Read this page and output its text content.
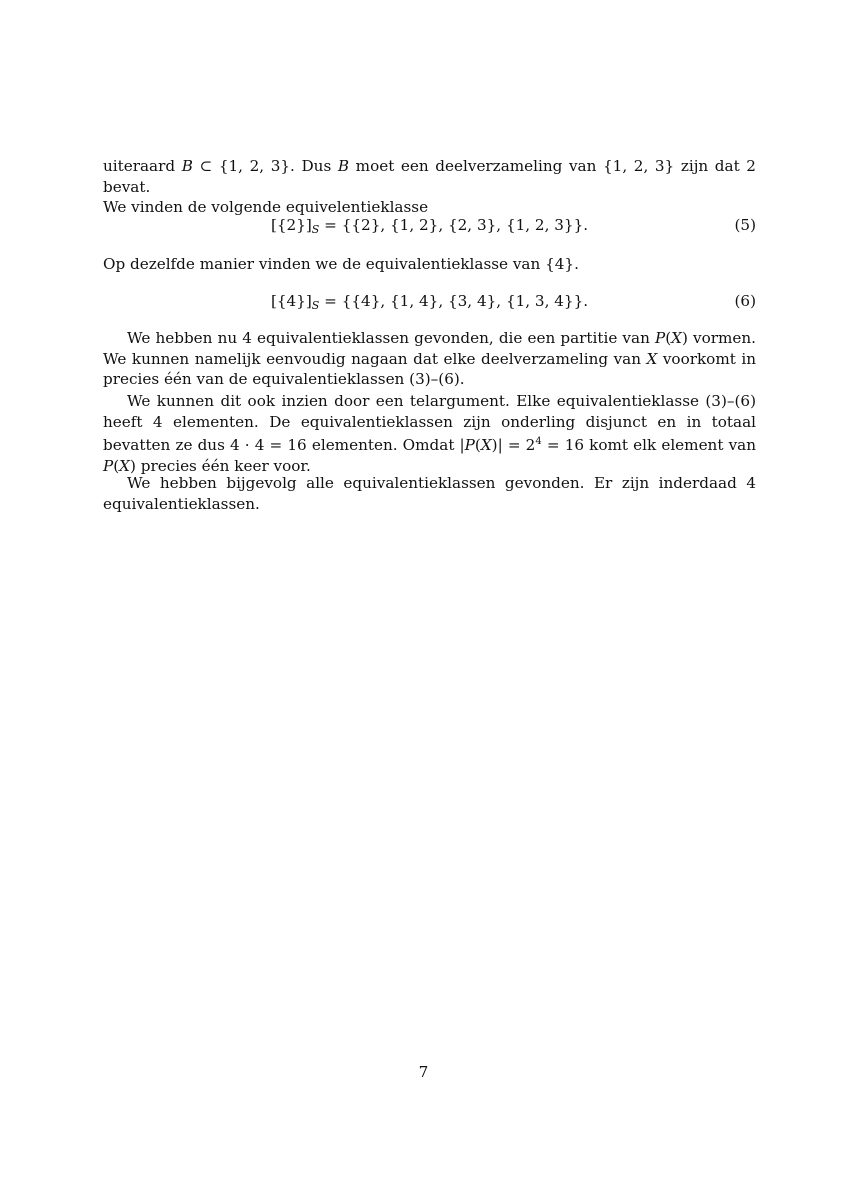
uiteraard B ⊂ {1, 2, 3}. Dus B moet een deelverzameling van {1, 2, 3} zijn dat 2 bevat.

We vinden de volgende equivelentieklasse

$[\{2\}]_S = \{\{2\}$, {1, 2}, {2, 3}, {1, 2, 3}}.	(5)

Op dezelfde manier vinden we de equivalentieklasse van {4}.

$[\{4\}]_S = \{\{4\}$, {1, 4}, {3, 4}, {1, 3, 4}}.	(6)

We hebben nu 4 equivalentieklassen gevonden, die een partitie van P(X) vormen. We kunnen namelijk eenvoudig nagaan dat elke deelverzameling van X voorkomt in precies één van de equivalentieklassen (3)–(6).

We kunnen dit ook inzien door een telargument. Elke equivalentieklasse (3)–(6) heeft 4 elementen. De equivalentieklassen zijn onderling disjunct en in totaal bevatten ze dus 4 · 4 = 16 elementen. Omdat $|P(X)| = 2^4 = 16$ komt elk element van P(X) precies één keer voor.

We hebben bijgevolg alle equivalentieklassen gevonden. Er zijn inderdaad 4 equivalentieklassen.

7
